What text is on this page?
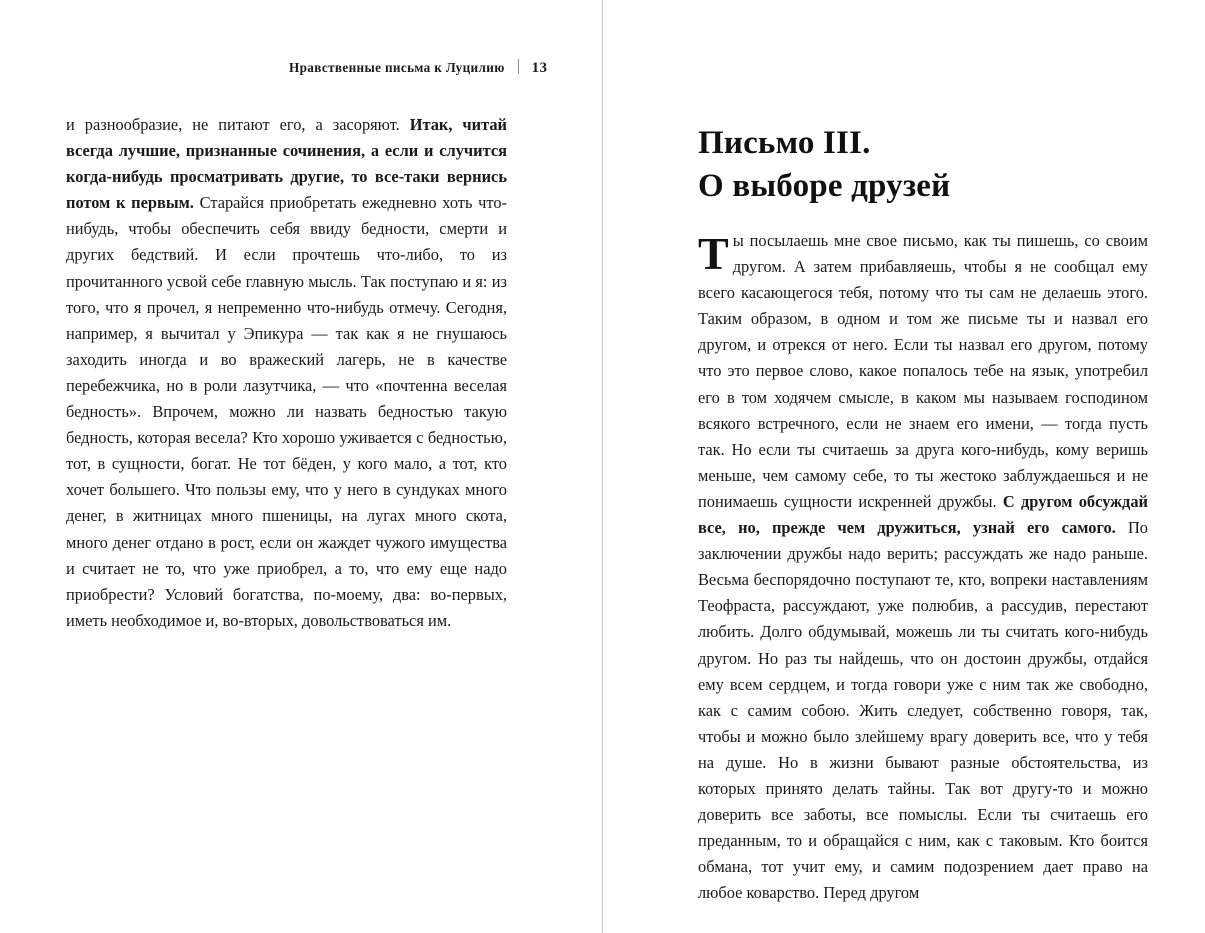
Нравственные письма к Луцилию 13

и разнообразие, не питают его, а засоряют. Итак, читай всегда лучшие, признанные сочинения, а если и случится когда-нибудь просматривать другие, то все-таки вернись потом к первым. Старайся приобретать ежедневно хоть что-нибудь, чтобы обеспечить себя ввиду бедности, смерти и других бедствий. И если прочтешь что-либо, то из прочитанного усвой себе главную мысль. Так поступаю и я: из того, что я прочел, я непременно что-нибудь отмечу. Сегодня, например, я вычитал у Эпикура — так как я не гнушаюсь заходить иногда и во вражеский лагерь, не в качестве перебежчика, но в роли лазутчика, — что «почтенна веселая бедность». Впрочем, можно ли назвать бедностью такую бедность, которая весела? Кто хорошо уживается с бедностью, тот, в сущности, богат. Не тот бёден, у кого мало, а тот, кто хочет большего. Что пользы ему, что у него в сундуках много денег, в житницах много пшеницы, на лугах много скота, много денег отдано в рост, если он жаждет чужого имущества и считает не то, что уже приобрел, а то, что ему еще надо приобрести? Условий богатства, по-моему, два: во-первых, иметь необходимое и, во-вторых, довольствоваться им.

Письмо III.
О выборе друзей

Ты посылаешь мне свое письмо, как ты пишешь, со своим другом. А затем прибавляешь, чтобы я не сообщал ему всего касающегося тебя, потому что ты сам не делаешь этого. Таким образом, в одном и том же письме ты и назвал его другом, и отрекся от него. Если ты назвал его другом, потому что это первое слово, какое попалось тебе на язык, употребил его в том ходячем смысле, в каком мы называем господином всякого встречного, если не знаем его имени, — тогда пусть так. Но если ты считаешь за друга кого-нибудь, кому веришь меньше, чем самому себе, то ты жестоко заблуждаешься и не понимаешь сущности искренней дружбы. С другом обсуждай все, но, прежде чем дружиться, узнай его самого. По заключении дружбы надо верить; рассуждать же надо раньше. Весьма беспорядочно поступают те, кто, вопреки наставлениям Теофраста, рассуждают, уже полюбив, а рассудив, перестают любить. Долго обдумывай, можешь ли ты считать кого-нибудь другом. Но раз ты найдешь, что он достоин дружбы, отдайся ему всем сердцем, и тогда говори уже с ним так же свободно, как с самим собою. Жить следует, собственно говоря, так, чтобы и можно было злейшему врагу доверить все, что у тебя на душе. Но в жизни бывают разные обстоятельства, из которых принято делать тайны. Так вот другу-то и можно доверить все заботы, все помыслы. Если ты считаешь его преданным, то и обращайся с ним, как с таковым. Кто боится обмана, тот учит ему, и самим подозрением дает право на любое коварство. Перед другом
